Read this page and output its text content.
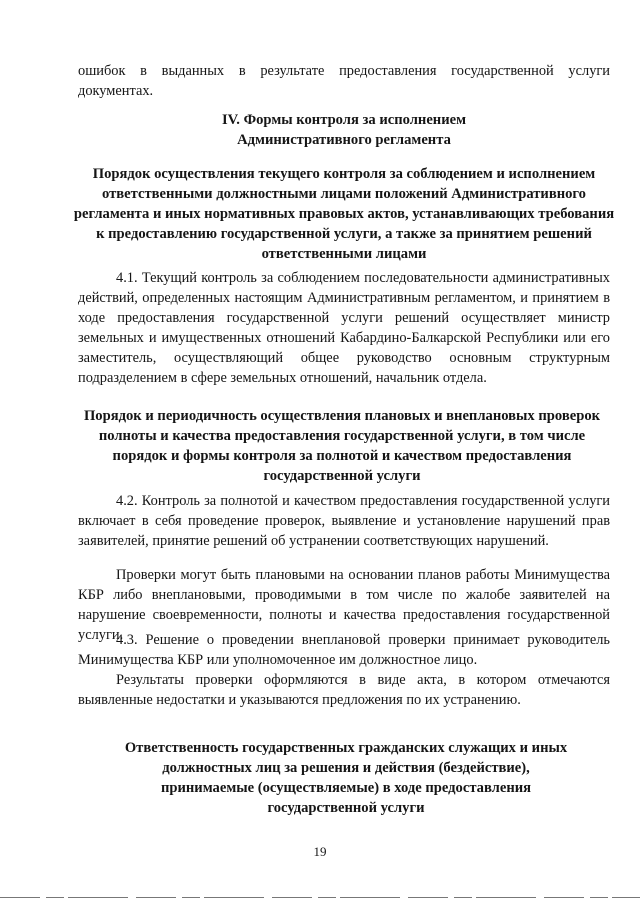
ошибок в выданных в результате предоставления государственной услуги документах.

IV. Формы контроля за исполнением Административного регламента

Порядок осуществления текущего контроля за соблюдением и исполнением ответственными должностными лицами положений Административного регламента и иных нормативных правовых актов, устанавливающих требования к предоставлению государственной услуги, а также за принятием решений ответственными лицами

4.1. Текущий контроль за соблюдением последовательности административных действий, определенных настоящим Административным регламентом, и принятием в ходе предоставления государственной услуги решений осуществляет министр земельных и имущественных отношений Кабардино-Балкарской Республики или его заместитель, осуществляющий общее руководство основным структурным подразделением в сфере земельных отношений, начальник отдела.

Порядок и периодичность осуществления плановых и внеплановых проверок полноты и качества предоставления государственной услуги, в том числе порядок и формы контроля за полнотой и качеством предоставления государственной услуги

4.2. Контроль за полнотой и качеством предоставления государственной услуги включает в себя проведение проверок, выявление и установление нарушений прав заявителей, принятие решений об устранении соответствующих нарушений.

Проверки могут быть плановыми на основании планов работы Минимущества КБР либо внеплановыми, проводимыми в том числе по жалобе заявителей на нарушение своевременности, полноты и качества предоставления государственной услуги.

4.3. Решение о проведении внеплановой проверки принимает руководитель Минимущества КБР или уполномоченное им должностное лицо.

Результаты проверки оформляются в виде акта, в котором отмечаются выявленные недостатки и указываются предложения по их устранению.

Ответственность государственных гражданских служащих и иных должностных лиц за решения и действия (бездействие), принимаемые (осуществляемые) в ходе предоставления государственной услуги

19
